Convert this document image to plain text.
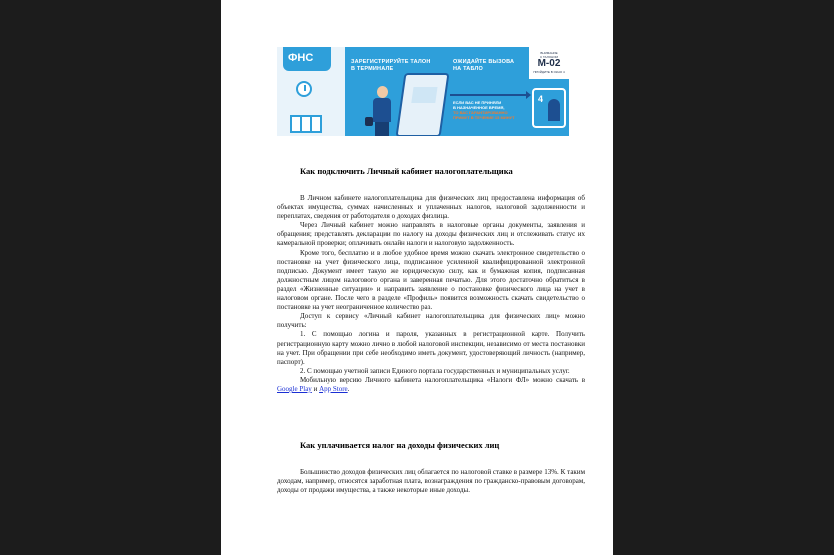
ФНС	ЗАРЕГИСТРИРУЙТЕ ТАЛОН
В ТЕРМИНАЛЕ
ОЖИДАЙТЕ ВЫЗОВА
НА ТАБЛО
ЕСЛИ ВАС НЕ ПРИНЯЛИ
В НАЗНАЧЕННОЕ ВРЕМЯ,
ТО ВАС ГАРАНТИРОВАННО
ПРИМУТ В ТЕЧЕНИЕ 15 МИНУТ
ВНИМАНИЕ
С ТАЛОНОМ
М-02
ПРОЙДИТЕ В ОКНО 4
4
Как подключить Личный кабинет налогоплательщика

В Личном кабинете налогоплательщика для физических лиц предоставлена информация об объектах имущества, суммах начисленных и уплаченных налогов, налоговой задолженности и переплатах, сведения от работодателя о доходах физлица.

Через Личный кабинет можно направлять в налоговые органы документы, заявления и обращения; представлять декларации по налогу на доходы физических лиц и отслеживать статус их камеральной проверки; оплачивать онлайн налоги и налоговую задолженность.

Кроме того, бесплатно и в любое удобное время можно скачать электронное свидетельство о постановке на учет физического лица, подписанное усиленной квалифицированной электронной подписью. Документ имеет такую же юридическую силу, как и бумажная копия, подписанная должностным лицом налогового органа и заверенная печатью. Для этого достаточно обратиться в раздел «Жизненные ситуации» и направить заявление о постановке физического лица на учет в налоговом органе. После чего в разделе «Профиль» появится возможность скачать свидетельство о постановке на учет неограниченное количество раз.

Доступ к сервису «Личный кабинет налогоплательщика для физических лиц» можно получить:

1. С помощью логина и пароля, указанных в регистрационной карте. Получить регистрационную карту можно лично в любой налоговой инспекции, независимо от места постановки на учет. При обращении при себе необходимо иметь документ, удостоверяющий личность (например, паспорт).

2. С помощью учетной записи Единого портала государственных и муниципальных услуг.

Мобильную версию Личного кабинета налогоплательщика «Налоги ФЛ» можно скачать в Google Play и App Store.

Как уплачивается налог на доходы физических лиц

Большинство доходов физических лиц облагается по налоговой ставке в размере 13%. К таким доходам, например, относятся заработная плата, вознаграждения по гражданско-правовым договорам, доходы от продажи имущества, а также некоторые иные доходы.
